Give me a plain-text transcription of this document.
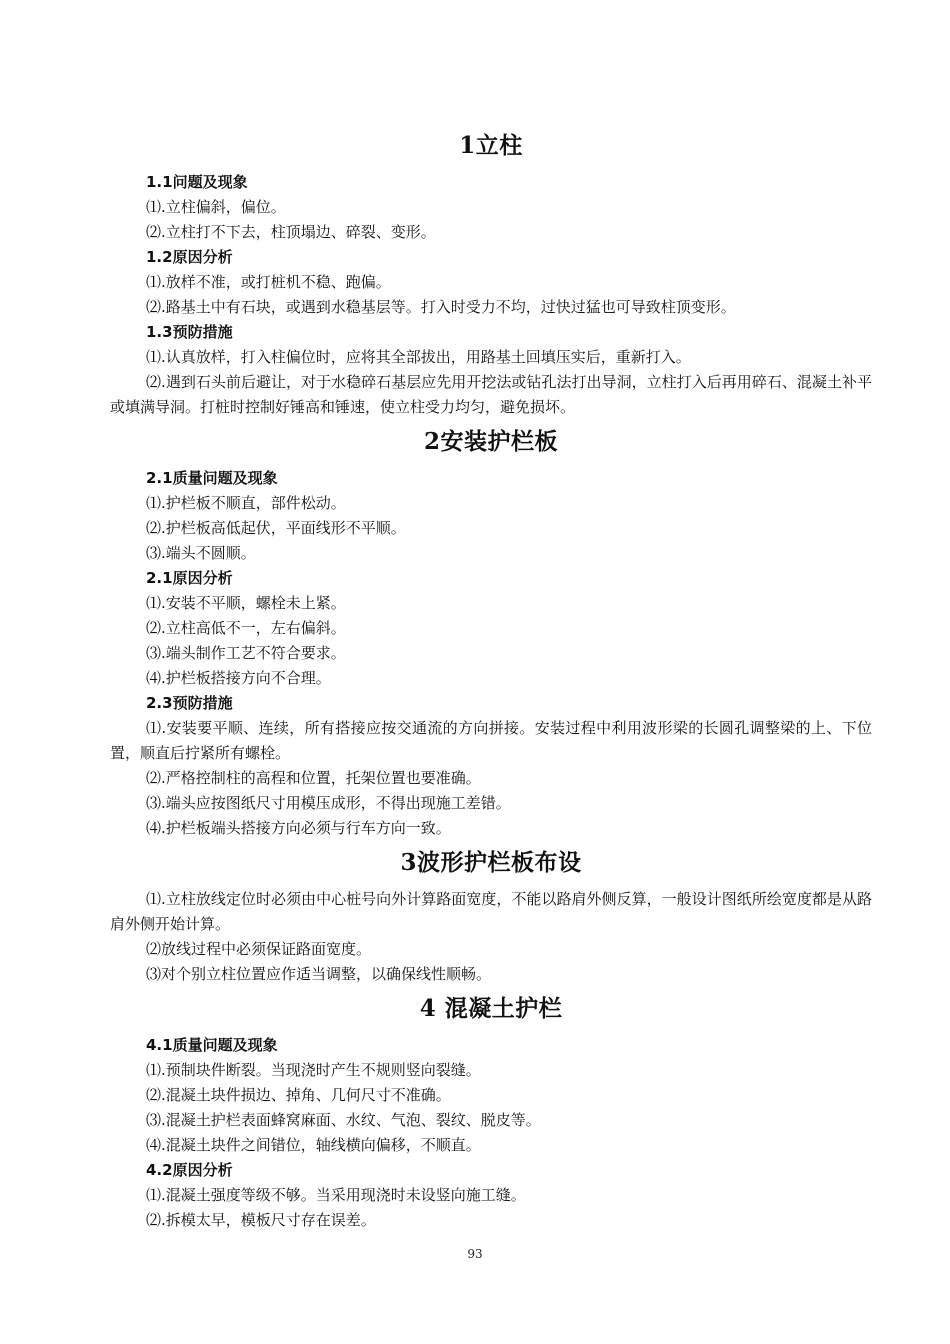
1立柱

1.1问题及现象

⑴.立柱偏斜，偏位。

⑵.立柱打不下去，柱顶塌边、碎裂、变形。

1.2原因分析

⑴.放样不准，或打桩机不稳、跑偏。

⑵.路基土中有石块，或遇到水稳基层等。打入时受力不均，过快过猛也可导致柱顶变形。

1.3预防措施

⑴.认真放样，打入柱偏位时，应将其全部拔出，用路基土回填压实后，重新打入。

⑵.遇到石头前后避让，对于水稳碎石基层应先用开挖法或钻孔法打出导洞，立柱打入后再用碎石、混凝土补平或填满导洞。打桩时控制好锤高和锤速，使立柱受力均匀，避免损坏。

2安装护栏板

2.1质量问题及现象

⑴.护栏板不顺直，部件松动。

⑵.护栏板高低起伏，平面线形不平顺。

⑶.端头不圆顺。

2.1原因分析

⑴.安装不平顺，螺栓未上紧。

⑵.立柱高低不一，左右偏斜。

⑶.端头制作工艺不符合要求。

⑷.护栏板搭接方向不合理。

2.3预防措施

⑴.安装要平顺、连续，所有搭接应按交通流的方向拼接。安装过程中利用波形梁的长圆孔调整梁的上、下位置，顺直后拧紧所有螺栓。

⑵.严格控制柱的高程和位置，托架位置也要准确。

⑶.端头应按图纸尺寸用模压成形，不得出现施工差错。

⑷.护栏板端头搭接方向必须与行车方向一致。

3波形护栏板布设

⑴.立柱放线定位时必须由中心桩号向外计算路面宽度，不能以路肩外侧反算，一般设计图纸所绘宽度都是从路肩外侧开始计算。

⑵放线过程中必须保证路面宽度。

⑶对个别立柱位置应作适当调整，以确保线性顺畅。

4 混凝土护栏

4.1质量问题及现象

⑴.预制块件断裂。当现浇时产生不规则竖向裂缝。

⑵.混凝土块件损边、掉角、几何尺寸不准确。

⑶.混凝土护栏表面蜂窝麻面、水纹、气泡、裂纹、脱皮等。

⑷.混凝土块件之间错位，轴线横向偏移，不顺直。

4.2原因分析

⑴.混凝土强度等级不够。当采用现浇时未设竖向施工缝。

⑵.拆模太早，模板尺寸存在误差。

93
